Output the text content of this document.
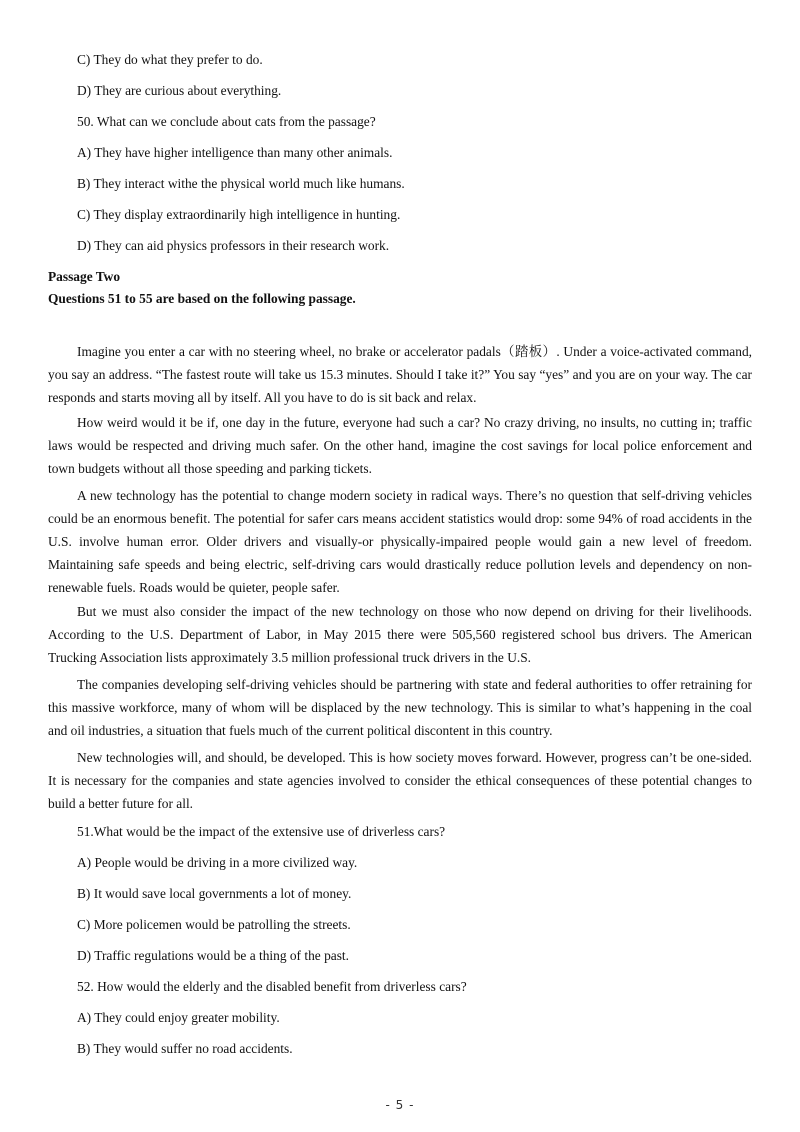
C) They do what they prefer to do.

D) They are curious about everything.

50. What can we conclude about cats from the passage?

A) They have higher intelligence than many other animals.

B) They interact withe the physical world much like humans.

C) They display extraordinarily high intelligence in hunting.

D) They can aid physics professors in their research work.

Passage Two

Questions 51 to 55 are based on the following passage.

Imagine you enter a car with no steering wheel, no brake or accelerator padals（踏板）. Under a voice-activated command, you say an address. “The fastest route will take us 15.3 minutes. Should I take it?” You say “yes” and you are on your way. The car responds and starts moving all by itself. All you have to do is sit back and relax.

How weird would it be if, one day in the future, everyone had such a car? No crazy driving, no insults, no cutting in; traffic laws would be respected and driving much safer. On the other hand, imagine the cost savings for local police enforcement and town budgets without all those speeding and parking tickets.

A new technology has the potential to change modern society in radical ways. There’s no question that self-driving vehicles could be an enormous benefit. The potential for safer cars means accident statistics would drop: some 94% of road accidents in the U.S. involve human error. Older drivers and visually-or physically-impaired people would gain a new level of freedom. Maintaining safe speeds and being electric, self-driving cars would drastically reduce pollution levels and dependency on non-renewable fuels. Roads would be quieter, people safer.

But we must also consider the impact of the new technology on those who now depend on driving for their livelihoods. According to the U.S. Department of Labor, in May 2015 there were 505,560 registered school bus drivers. The American Trucking Association lists approximately 3.5 million professional truck drivers in the U.S.

The companies developing self-driving vehicles should be partnering with state and federal authorities to offer retraining for this massive workforce, many of whom will be displaced by the new technology. This is similar to what’s happening in the coal and oil industries, a situation that fuels much of the current political discontent in this country.

New technologies will, and should, be developed. This is how society moves forward. However, progress can’t be one-sided. It is necessary for the companies and state agencies involved to consider the ethical consequences of these potential changes to build a better future for all.

51.What would be the impact of the extensive use of driverless cars?

A) People would be driving in a more civilized way.

B) It would save local governments a lot of money.

C) More policemen would be patrolling the streets.

D) Traffic regulations would be a thing of the past.

52. How would the elderly and the disabled benefit from driverless cars?

A) They could enjoy greater mobility.

B) They would suffer no road accidents.

- 5 -
